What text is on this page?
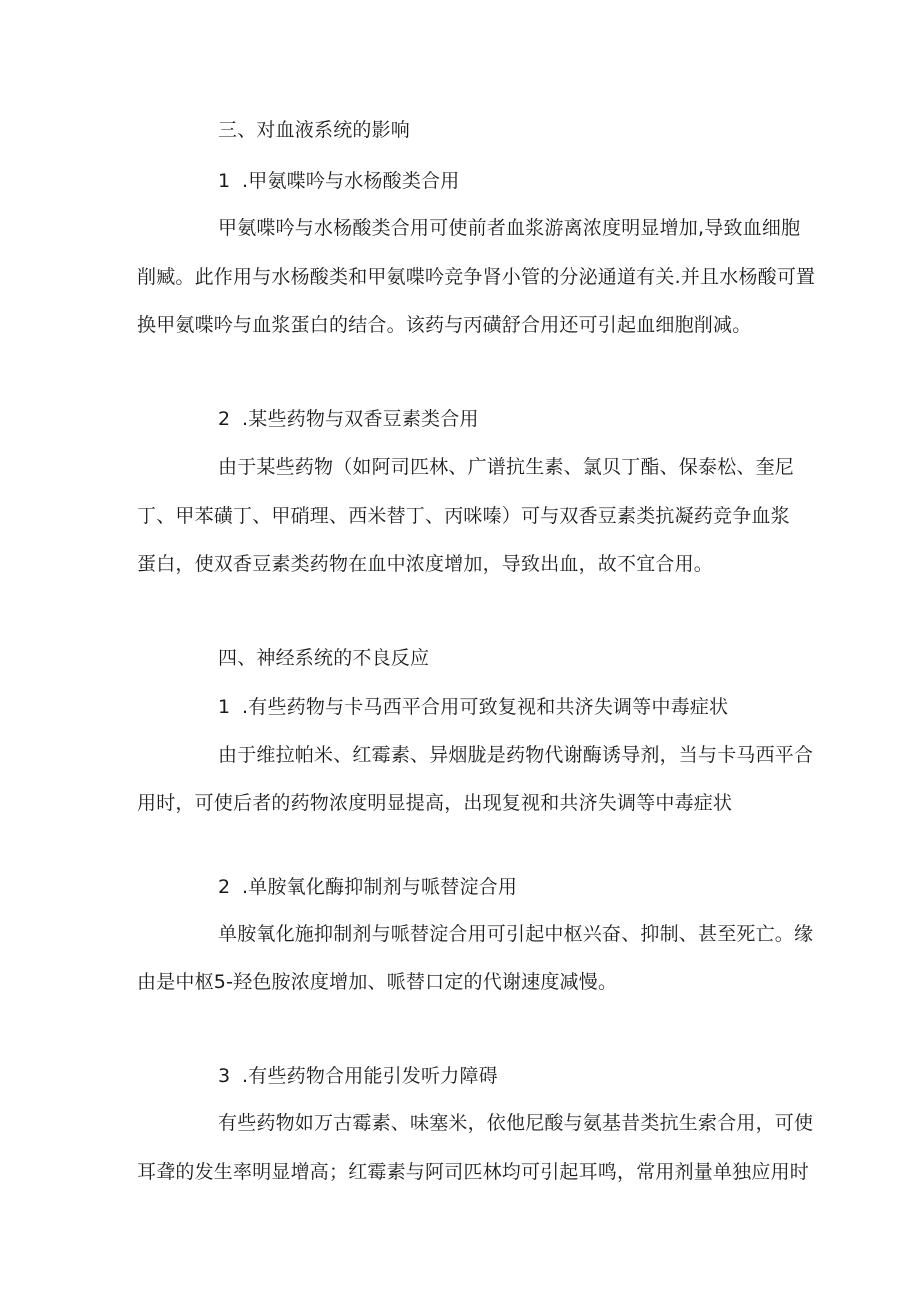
三、对血液系统的影响
1 .甲氨喋吟与水杨酸类合用
甲氨喋吟与水杨酸类合用可使前者血浆游离浓度明显增加,导致血细胞
削臧。此作用与水杨酸类和甲氨喋吟竞争肾小管的分泌通道有关.并且水杨酸可置
换甲氨喋吟与血浆蛋白的结合。该药与丙磺舒合用还可引起血细胞削减。
2 .某些药物与双香豆素类合用
由于某些药物（如阿司匹林、广谱抗生素、氯贝丁酯、保泰松、奎尼
丁、甲苯磺丁、甲硝理、西米替丁、丙咪嗪）可与双香豆素类抗凝药竞争血浆
蛋白，使双香豆素类药物在血中浓度增加，导致出血，故不宜合用。
四、神经系统的不良反应
1 .有些药物与卡马西平合用可致复视和共济失调等中毒症状
由于维拉帕米、红霉素、异烟胧是药物代谢酶诱导剂，当与卡马西平合
用时，可使后者的药物浓度明显提高，出现复视和共济失调等中毒症状
2 .单胺氧化酶抑制剂与哌替淀合用
单胺氧化施抑制剂与哌替淀合用可引起中枢兴奋、抑制、甚至死亡。缘
由是中枢5-羟色胺浓度增加、哌替口定的代谢速度减慢。
3 .有些药物合用能引发听力障碍
有些药物如万古霉素、味塞米，依他尼酸与氨基昔类抗生索合用，可使
耳聋的发生率明显增高；红霉素与阿司匹林均可引起耳鸣，常用剂量单独应用时
